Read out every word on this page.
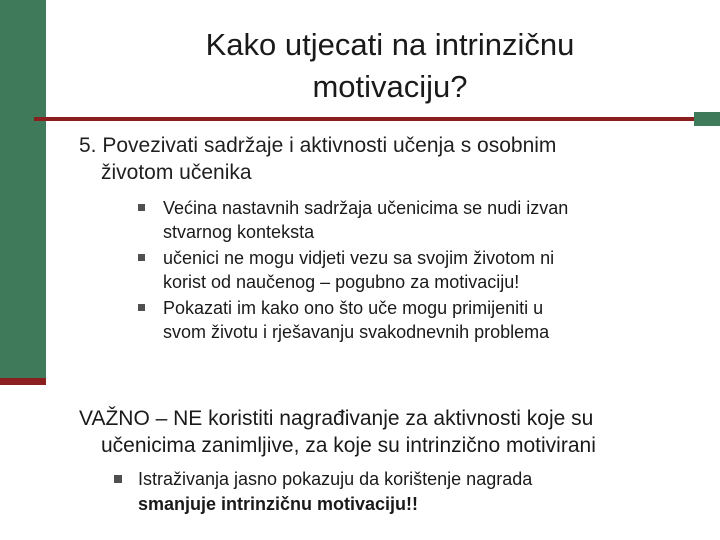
Kako utjecati na intrinzičnu
motivaciju?
5. Povezivati sadržaje i aktivnosti učenja s osobnim
životom učenika
Većina nastavnih sadržaja učenicima se nudi izvan
stvarnog konteksta
učenici ne mogu vidjeti vezu sa svojim životom ni
korist od naučenog – pogubno za motivaciju!
Pokazati im kako ono što uče mogu primijeniti u
svom životu i rješavanju svakodnevnih problema
VAŽNO – NE koristiti nagrađivanje za aktivnosti koje su
učenicima zanimljive, za koje su intrinzično motivirani
Istraživanja jasno pokazuju da korištenje nagrada
smanjuje intrinzičnu motivaciju!!
